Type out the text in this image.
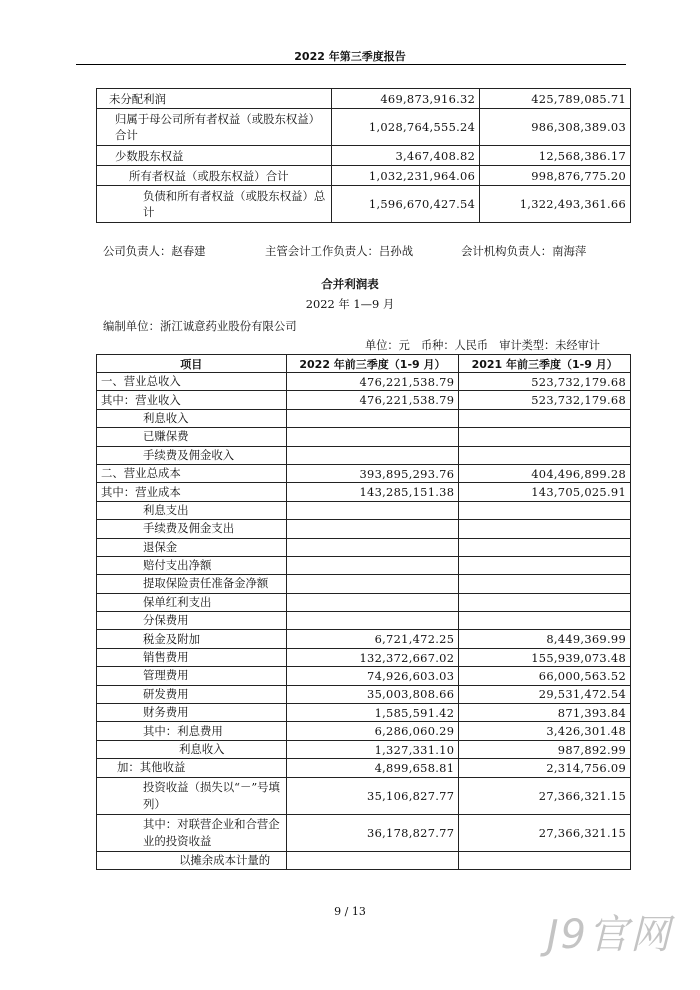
2022 年第三季度报告
未分配利润	469,873,916.32	425,789,085.71
归属于母公司所有者权益（或股东权益）合计	1,028,764,555.24	986,308,389.03
少数股东权益	3,467,408.82	12,568,386.17
所有者权益（或股东权益）合计	1,032,231,964.06	998,876,775.20
负债和所有者权益（或股东权益）总计	1,596,670,427.54	1,322,493,361.66
公司负责人：赵春建	主管会计工作负责人：吕孙战	会计机构负责人：南海萍
合并利润表
2022 年 1—9 月
编制单位：浙江诚意药业股份有限公司
单位：元　币种：人民币　审计类型：未经审计
项目	2022 年前三季度（1-9 月）	2021 年前三季度（1-9 月）
一、营业总收入	476,221,538.79	523,732,179.68
其中：营业收入	476,221,538.79	523,732,179.68
利息收入		
已赚保费		
手续费及佣金收入		
二、营业总成本	393,895,293.76	404,496,899.28
其中：营业成本	143,285,151.38	143,705,025.91
利息支出		
手续费及佣金支出		
退保金		
赔付支出净额		
提取保险责任准备金净额		
保单红利支出		
分保费用		
税金及附加	6,721,472.25	8,449,369.99
销售费用	132,372,667.02	155,939,073.48
管理费用	74,926,603.03	66,000,563.52
研发费用	35,003,808.66	29,531,472.54
财务费用	1,585,591.42	871,393.84
其中：利息费用	6,286,060.29	3,426,301.48
利息收入	1,327,331.10	987,892.99
加：其他收益	4,899,658.81	2,314,756.09
投资收益（损失以“－”号填列）	35,106,827.77	27,366,321.15
其中：对联营企业和合营企业的投资收益	36,178,827.77	27,366,321.15
以摊余成本计量的		
9 / 13
J9官网
